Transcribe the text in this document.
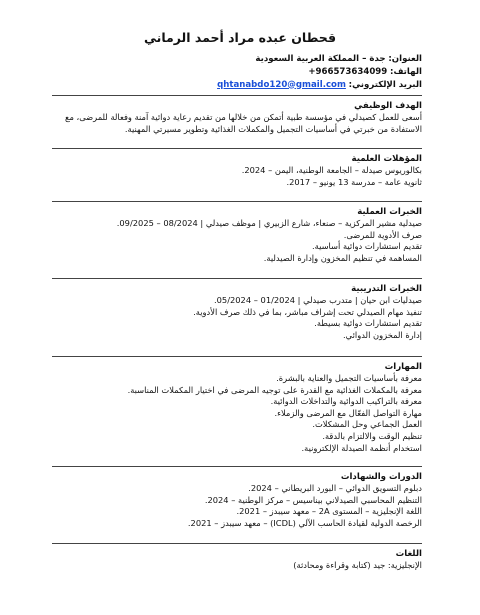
قحطان عبده مراد أحمد الرماني
العنوان: جدة – المملكة العربية السعودية
الهاتف: +966573634099
البريد الإلكتروني: qhtanabdo120@gmail.com
الهدف الوظيفي
أسعى للعمل كصيدلي في مؤسسة طبية أتمكن من خلالها من تقديم رعاية دوائية آمنة وفعالة للمرضى، مع
الاستفادة من خبرتي في أساسيات التجميل والمكملات الغذائية وتطوير مسيرتي المهنية.
المؤهلات العلمية
بكالوريوس صيدلة – الجامعة الوطنية، اليمن – 2024.
ثانوية عامة – مدرسة 13 يونيو – 2017.
الخبرات العملية
صيدلية مشير المركزية – صنعاء، شارع الزبيري | موظف صيدلي | 08/2024 – 09/2025.
صرف الأدوية للمرضى.
تقديم استشارات دوائية أساسية.
المساهمة في تنظيم المخزون وإدارة الصيدلية.
الخبرات التدريبية
صيدليات ابن حيان | متدرب صيدلي | 01/2024 – 05/2024.
تنفيذ مهام الصيدلي تحت إشراف مباشر، بما في ذلك صرف الأدوية.
تقديم استشارات دوائية بسيطة.
إدارة المخزون الدوائي.
المهارات
معرفة بأساسيات التجميل والعناية بالبشرة.
معرفة بالمكملات الغذائية مع القدرة على توجيه المرضى في اختيار المكملات المناسبة.
معرفة بالتراكيب الدوائية والتداخلات الدوائية.
مهارة التواصل الفعّال مع المرضى والزملاء.
العمل الجماعي وحل المشكلات.
تنظيم الوقت والالتزام بالدقة.
استخدام أنظمة الصيدلة الإلكترونية.
الدورات والشهادات
دبلوم التسويق الدوائي – البورد البريطاني – 2024.
التنظيم المحاسبي الصيدلاني بيناسيس – مركز الوطنية – 2024.
اللغة الإنجليزية – المستوى 2A – معهد سيبدز – 2021.
الرخصة الدولية لقيادة الحاسب الآلي (ICDL) – معهد سيبدز – 2021.
اللغات
الإنجليزية: جيد (كتابة وقراءة ومحادثة)
